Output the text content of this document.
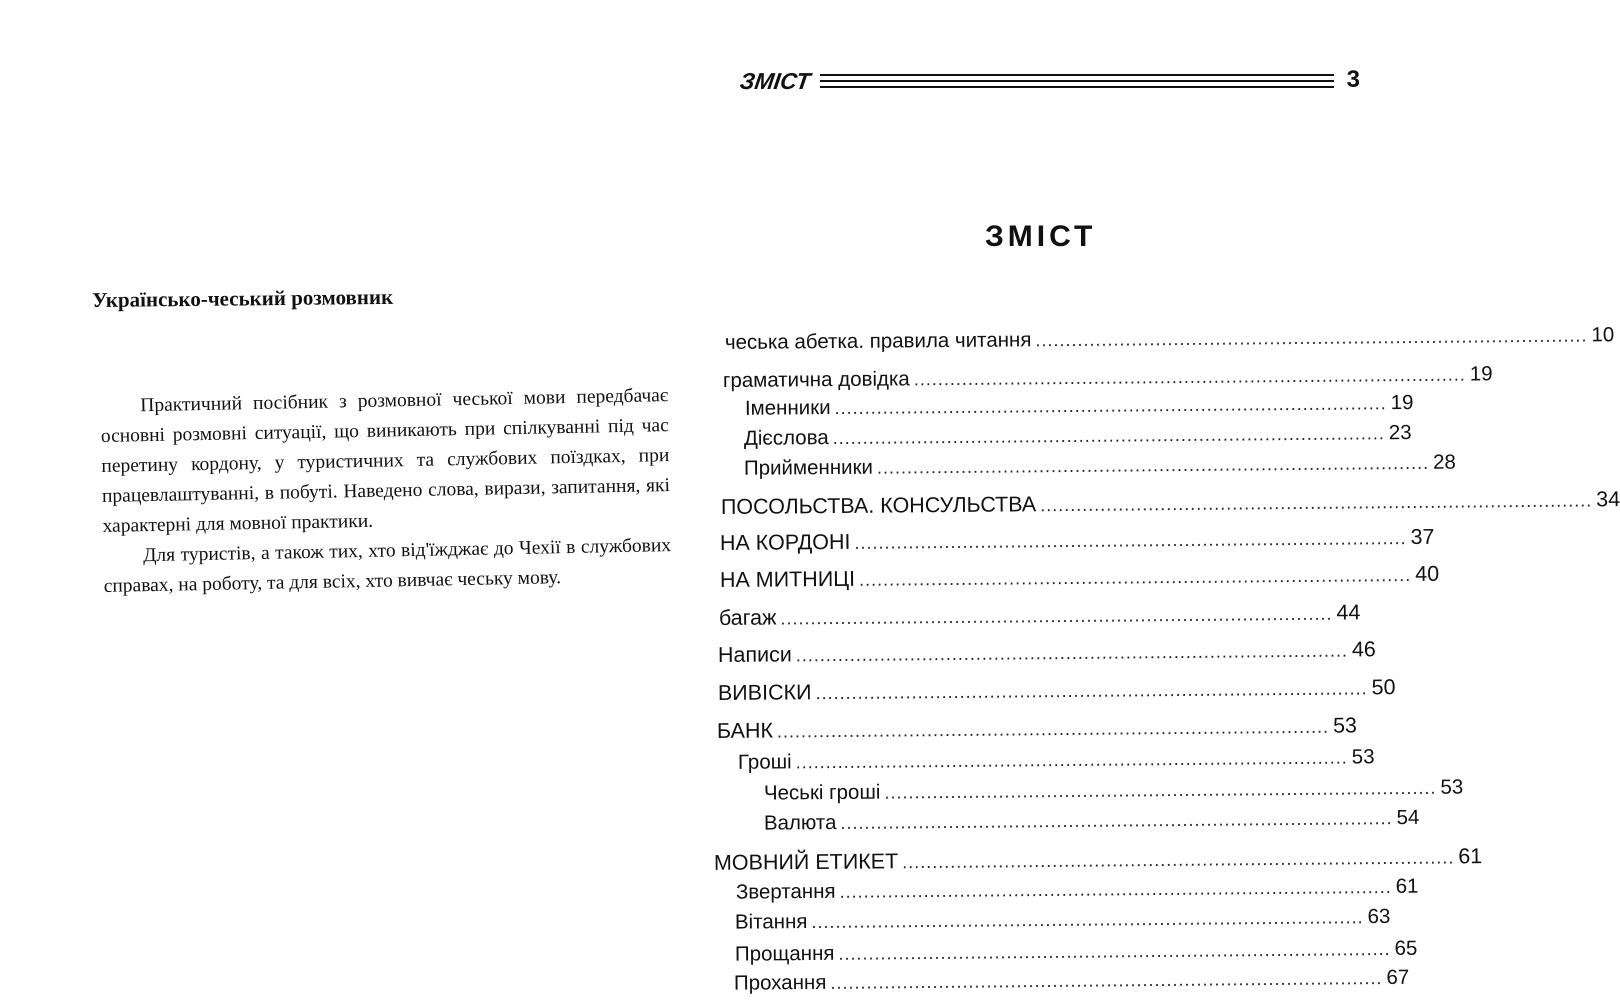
Українсько-чеський розмовник

Практичний посібник з розмовної чеської мови передбачає основні розмовні ситуації, що виникають при спілкуванні під час перетину кордону, у туристичних та службових поїздках, при працевлаштуванні, в побуті. Наведено слова, вирази, запитання, які характерні для мовної практики.

Для туристів, а також тих, хто від'їжджає до Чехії в службових справах, на роботу, та для всіх, хто вивчає чеську мову.

ЗМІСТ	3
ЗМІСТ
чеська абетка. правила читання ............................................................................................ 10
граматична довідка ............................................................................................ 19
Іменники ............................................................................................ 19
Дієслова ............................................................................................ 23
Прийменники ............................................................................................ 28
ПОСОЛЬСТВА. КОНСУЛЬСТВА ............................................................................................ 34
НА КОРДОНІ ............................................................................................ 37
НА МИТНИЦІ ............................................................................................ 40
багаж ............................................................................................ 44
Написи ............................................................................................ 46
ВИВІСКИ ............................................................................................ 50
БАНК ............................................................................................ 53
Гроші ............................................................................................ 53
Чеські гроші ............................................................................................ 53
Валюта ............................................................................................ 54
МОВНИЙ ЕТИКЕТ ............................................................................................ 61
Звертання ............................................................................................ 61
Вітання ............................................................................................ 63
Прощання ............................................................................................ 65
Прохання ............................................................................................ 67
